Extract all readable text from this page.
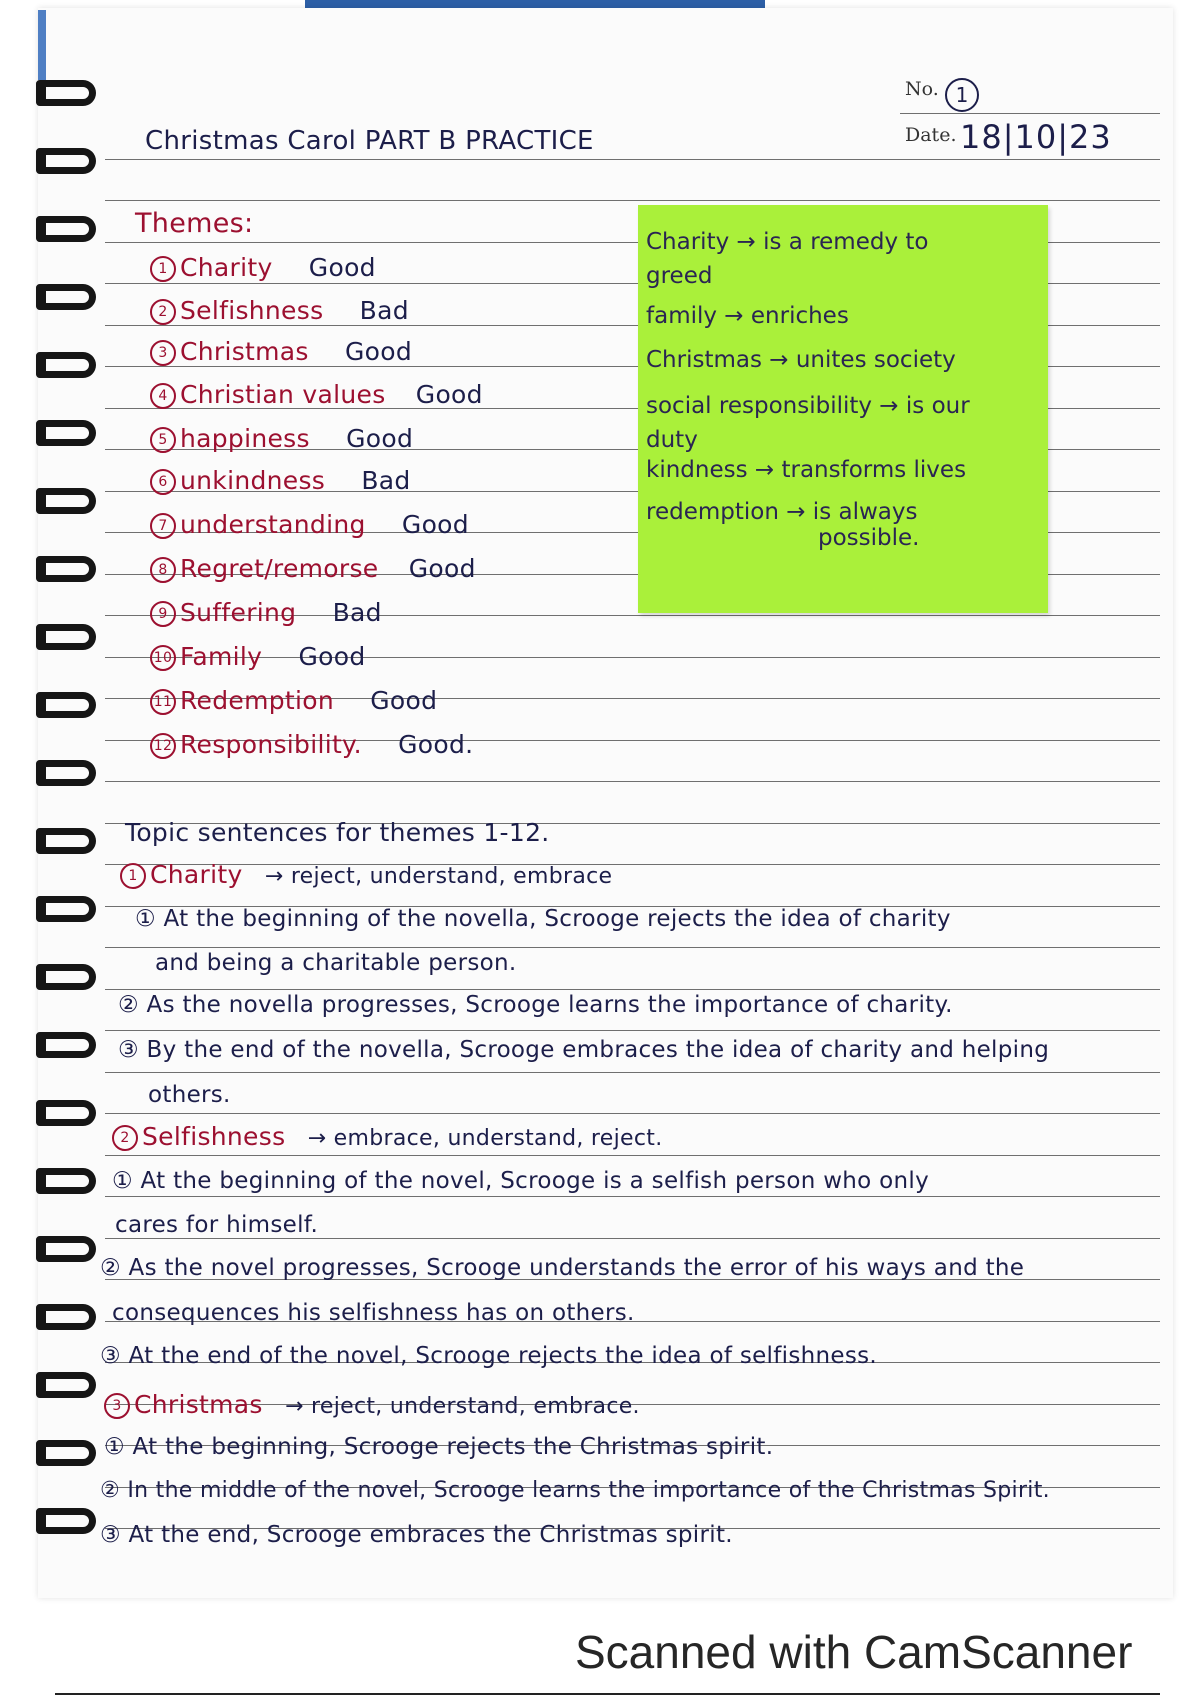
No. 1
Date. 18|10|23
Christmas Carol PART B PRACTICE
Themes:
1 Charity Good
2 Selfishness Bad
3 Christmas Good
4 Christian values Good
5 happiness Good
6 unkindness Bad
7 understanding Good
8 Regret/remorse Good
9 Suffering Bad
10 Family Good
11 Redemption Good
12 Responsibility. Good.
Charity → is a remedy to
greed
family → enriches
Christmas → unites society
social responsibility → is our
duty
kindness → transforms lives
redemption → is always
possible.
Topic sentences for themes 1-12.
1 Charity → reject, understand, embrace
① At the beginning of the novella, Scrooge rejects the idea of charity
and being a charitable person.
② As the novella progresses, Scrooge learns the importance of charity.
③ By the end of the novella, Scrooge embraces the idea of charity and helping
others.
2 Selfishness → embrace, understand, reject.
① At the beginning of the novel, Scrooge is a selfish person who only
cares for himself.
② As the novel progresses, Scrooge understands the error of his ways and the
consequences his selfishness has on others.
③ At the end of the novel, Scrooge rejects the idea of selfishness.
3 Christmas → reject, understand, embrace.
① At the beginning, Scrooge rejects the Christmas spirit.
② In the middle of the novel, Scrooge learns the importance of the Christmas Spirit.
③ At the end, Scrooge embraces the Christmas spirit.
Scanned with CamScanner
